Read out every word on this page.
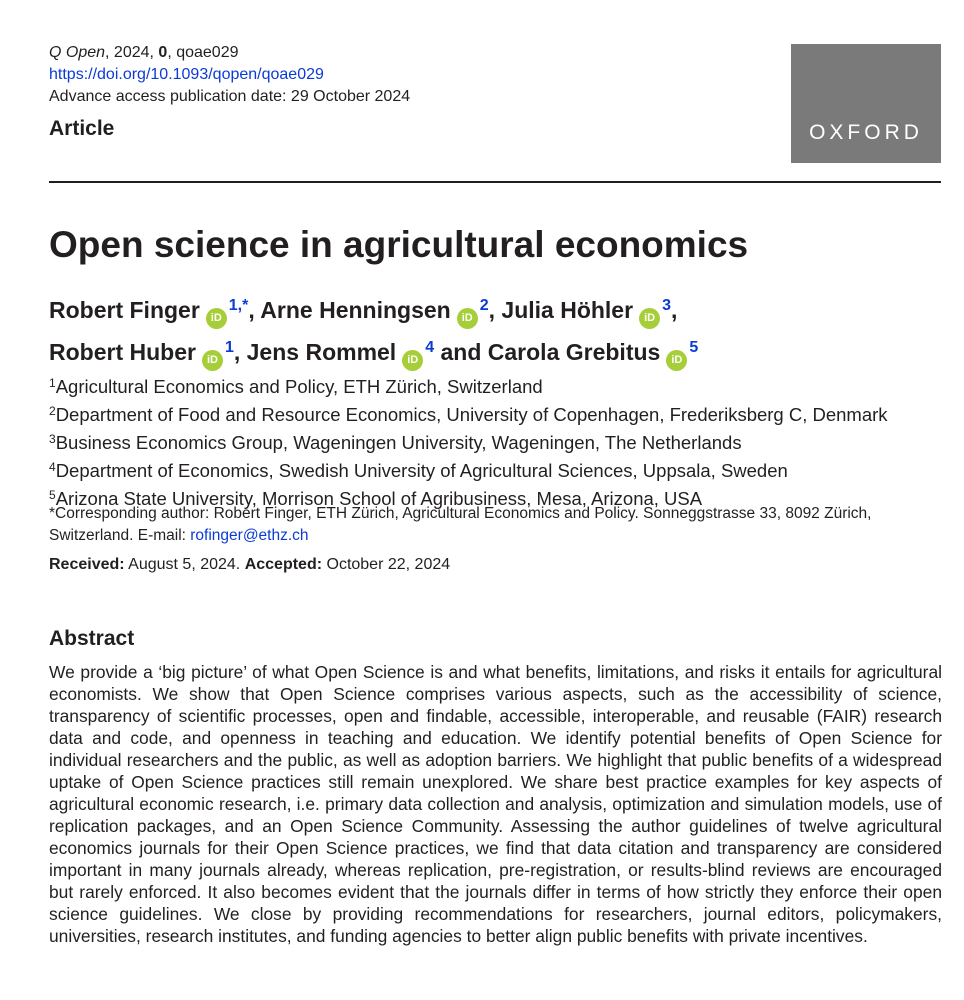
Q Open, 2024, 0, qoae029
https://doi.org/10.1093/qopen/qoae029
Advance access publication date: 29 October 2024
Article	OXFORD
Open science in agricultural economics
Robert Finger iD$^{1,*}$, Arne Henningsen iD$^2$, Julia Höhler iD$^3$,
Robert Huber iD$^1$, Jens Rommel iD$^4$ and Carola Grebitus iD$^5$
$^1$Agricultural Economics and Policy, ETH Zürich, Switzerland
$^2$Department of Food and Resource Economics, University of Copenhagen, Frederiksberg C, Denmark
$^3$Business Economics Group, Wageningen University, Wageningen, The Netherlands
$^4$Department of Economics, Swedish University of Agricultural Sciences, Uppsala, Sweden
$^5$Arizona State University, Morrison School of Agribusiness, Mesa, Arizona, USA
*Corresponding author: Robert Finger, ETH Zürich, Agricultural Economics and Policy. Sonneggstrasse 33, 8092 Zürich, Switzerland. E-mail: rofinger@ethz.ch
Received: August 5, 2024. Accepted: October 22, 2024
Abstract

We provide a ‘big picture’ of what Open Science is and what benefits, limitations, and risks it entails for agricultural economists. We show that Open Science comprises various aspects, such as the accessibility of science, transparency of scientific processes, open and findable, accessible, interoperable, and reusable (FAIR) research data and code, and openness in teaching and education. We identify potential benefits of Open Science for individual researchers and the public, as well as adoption barriers. We highlight that public benefits of a widespread uptake of Open Science practices still remain unexplored. We share best practice examples for key aspects of agricultural economic research, i.e. primary data collection and analysis, optimization and simulation models, use of replication packages, and an Open Science Community. Assessing the author guidelines of twelve agricultural economics journals for their Open Science practices, we find that data citation and transparency are considered important in many journals already, whereas replication, pre-registration, or results-blind reviews are encouraged but rarely enforced. It also becomes evident that the journals differ in terms of how strictly they enforce their open science guidelines. We close by providing recommendations for researchers, journal editors, policymakers, universities, research institutes, and funding agencies to better align public benefits with private incentives.
